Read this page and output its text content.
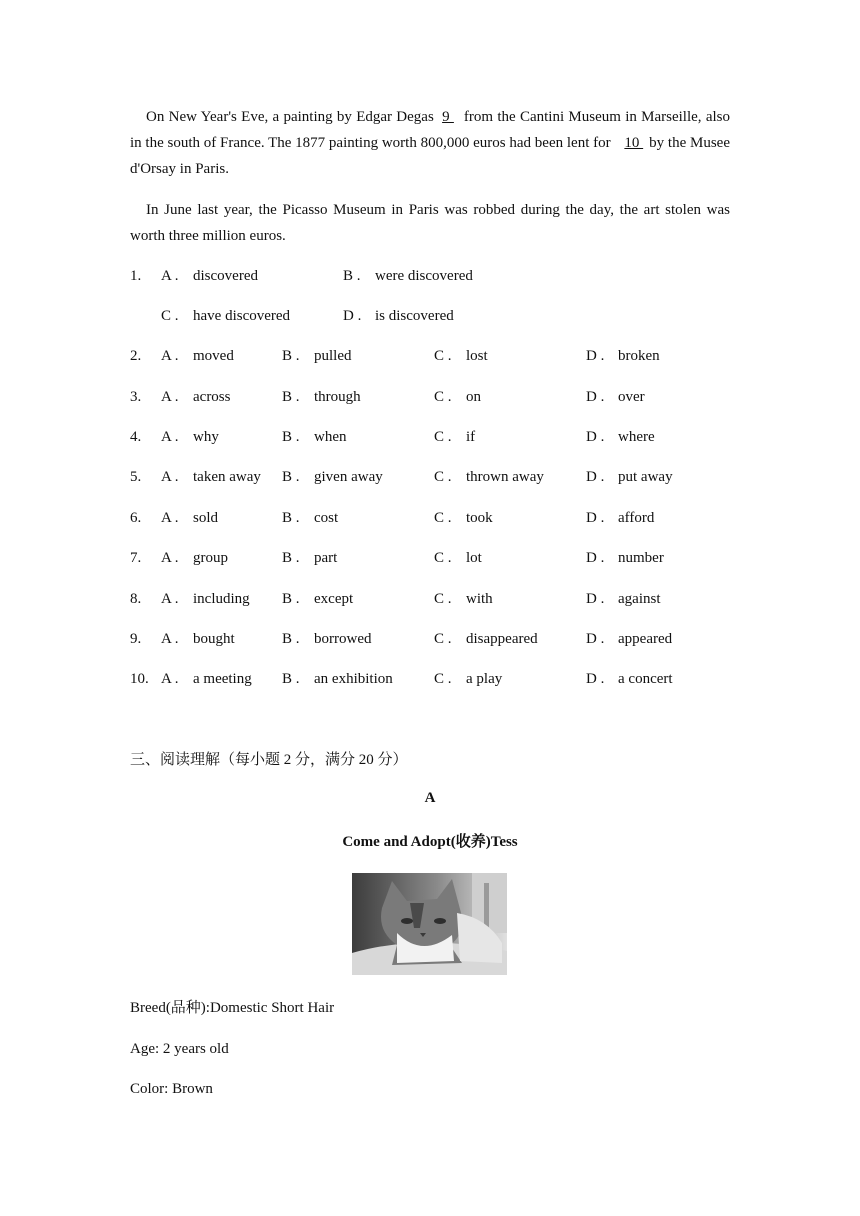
On New Year's Eve, a painting by Edgar Degas 9 from the Cantini Museum in Marseille, also in the south of France. The 1877 painting worth 800,000 euros had been lent for 10 by the Musee d'Orsay in Paris.

In June last year, the Picasso Museum in Paris was robbed during the day, the art stolen was worth three million euros.

1. A . discovered	B . were discovered
C . have discovered	D . is discovered
2. A . moved	B . pulled	C . lost	D . broken
3. A . across	B . through	C . on	D . over
4. A . why	B . when	C . if	D . where
5. A . taken away B . given away	C . thrown away	D . put away
6. A . sold	B . cost	C . took	D . afford
7. A . group	B . part	C . lot	D . number
8. A . including B . except	C . with	D . against
9. A . bought	B . borrowed	C . disappeared	D . appeared
10. A . a meeting B . an exhibition	C . a play	D . a concert
三、阅读理解（每小题 2 分，满分 20 分）
A
Come and Adopt(收养)Tess
Breed(品种):Domestic Short Hair
Age: 2 years old
Color: Brown
